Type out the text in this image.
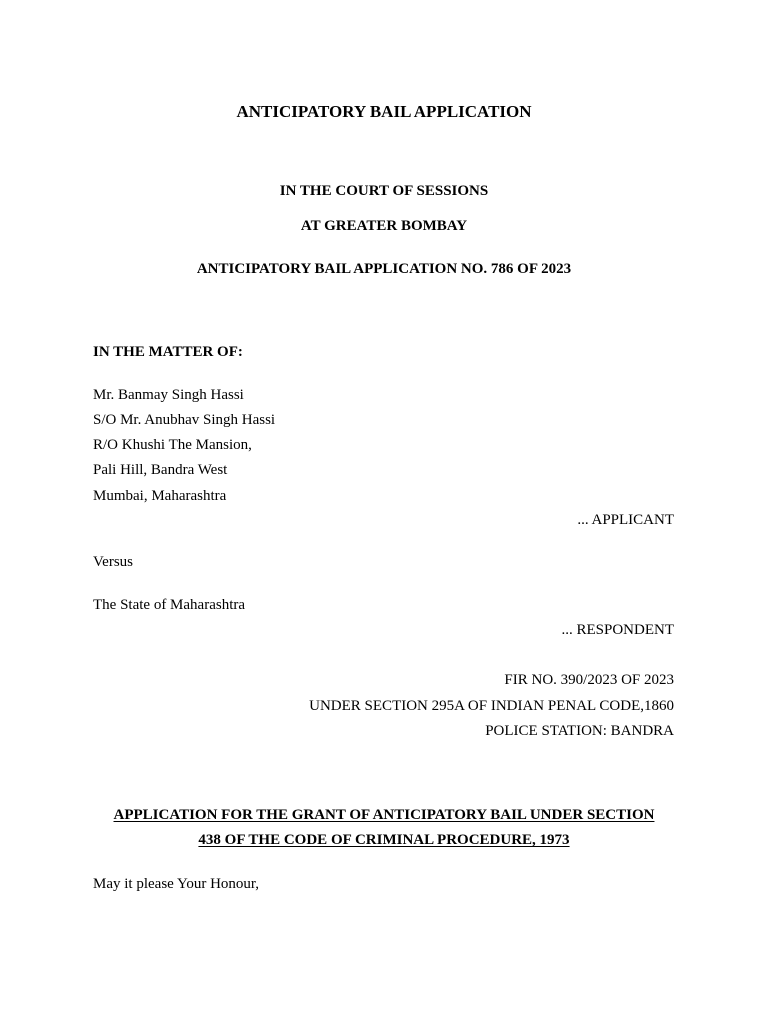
ANTICIPATORY BAIL APPLICATION
IN THE COURT OF SESSIONS
AT GREATER BOMBAY
ANTICIPATORY BAIL APPLICATION NO. 786 OF 2023
IN THE MATTER OF:
Mr. Banmay Singh Hassi
S/O Mr. Anubhav Singh Hassi
R/O Khushi The Mansion,
Pali Hill, Bandra West
Mumbai, Maharashtra
... APPLICANT
Versus
The State of Maharashtra
... RESPONDENT
FIR NO. 390/2023 OF 2023
UNDER SECTION 295A OF INDIAN PENAL CODE,1860
POLICE STATION: BANDRA
APPLICATION FOR THE GRANT OF ANTICIPATORY BAIL UNDER SECTION
438 OF THE CODE OF CRIMINAL PROCEDURE, 1973
May it please Your Honour,
